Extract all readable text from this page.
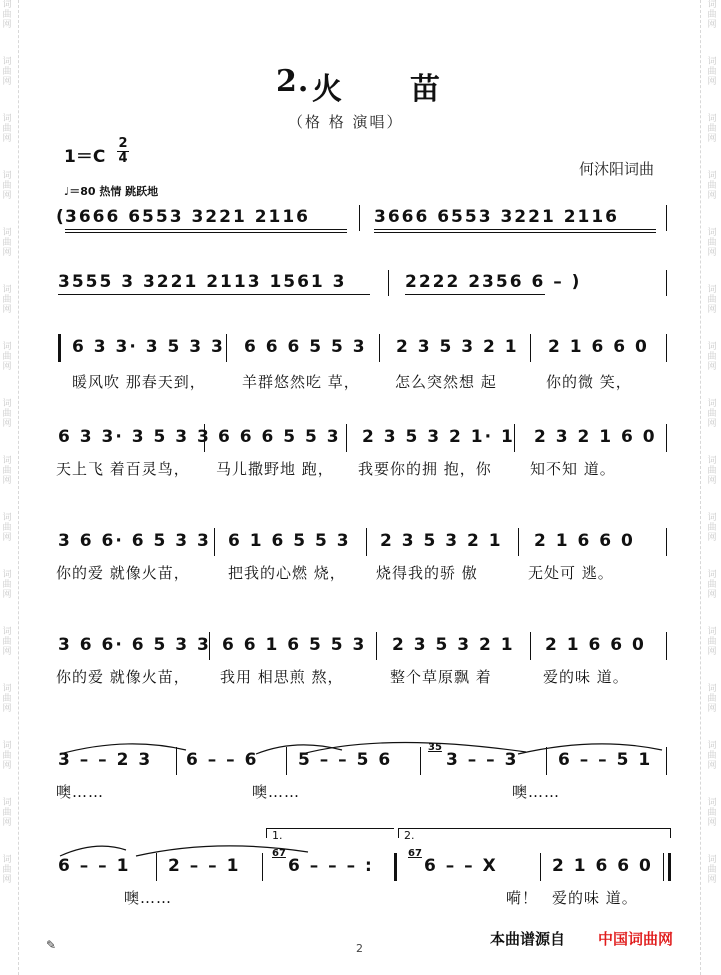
词曲网
词曲网
词曲网
词曲网
词曲网
词曲网
词曲网
词曲网
词曲网
词曲网
词曲网
词曲网
词曲网
词曲网
词曲网
词曲网
词曲网
词曲网
词曲网
词曲网
词曲网
词曲网
词曲网
词曲网
词曲网
词曲网
词曲网
词曲网
词曲网
词曲网
词曲网
词曲网
2. 火 苗
（格 格 演唱）
1＝C
2
4
何沐阳词曲
♩＝80 热情 跳跃地
( 3666 6553 3221 2116	3666 6553 3221 2116
3555 3 3221 2113 1561 3	2222 2356 6 – )
6 3 3· 3 5 3 3 6 6 6 5 5 3 2 3 5 3 2 1 2 1 6 6 0
暖风吹 那春天到， 羊群悠然吃 草， 怎么突然想 起	你的微 笑，
6 3 3· 3 5 3 3 6 6 6 5 5 3 2 3 5 3 2 1· 1 2 3 2 1 6 0
天上飞 着百灵鸟， 马儿撒野地 跑， 我要你的拥 抱，你	知不知 道。
3 6 6· 6 5 3 3 6 1 6 5 5 3 2 3 5 3 2 1 2 1 6 6 0
你的爱 就像火苗，	把我的心燃 烧， 烧得我的骄 傲	无处可 逃。
3 6 6· 6 5 3 3 6 6 1 6 5 5 3 2 3 5 3 2 1 2 1 6 6 0
你的爱 就像火苗， 我用 相思煎 熬，	整个草原飘 着	爱的味 道。
3 – – 2 3 6 – – 6 5 – – 5 6
35
3 – – 3 6 – – 5 1
噢……	噢……	噢……
1.	2.
6 – – 1 2 – – 1
67
6 – – – :
67
6 – – X	2 1 6 6 0
噢……	嗬！ 爱的味 道。
本曲谱源自 中国词曲网
2
✎
